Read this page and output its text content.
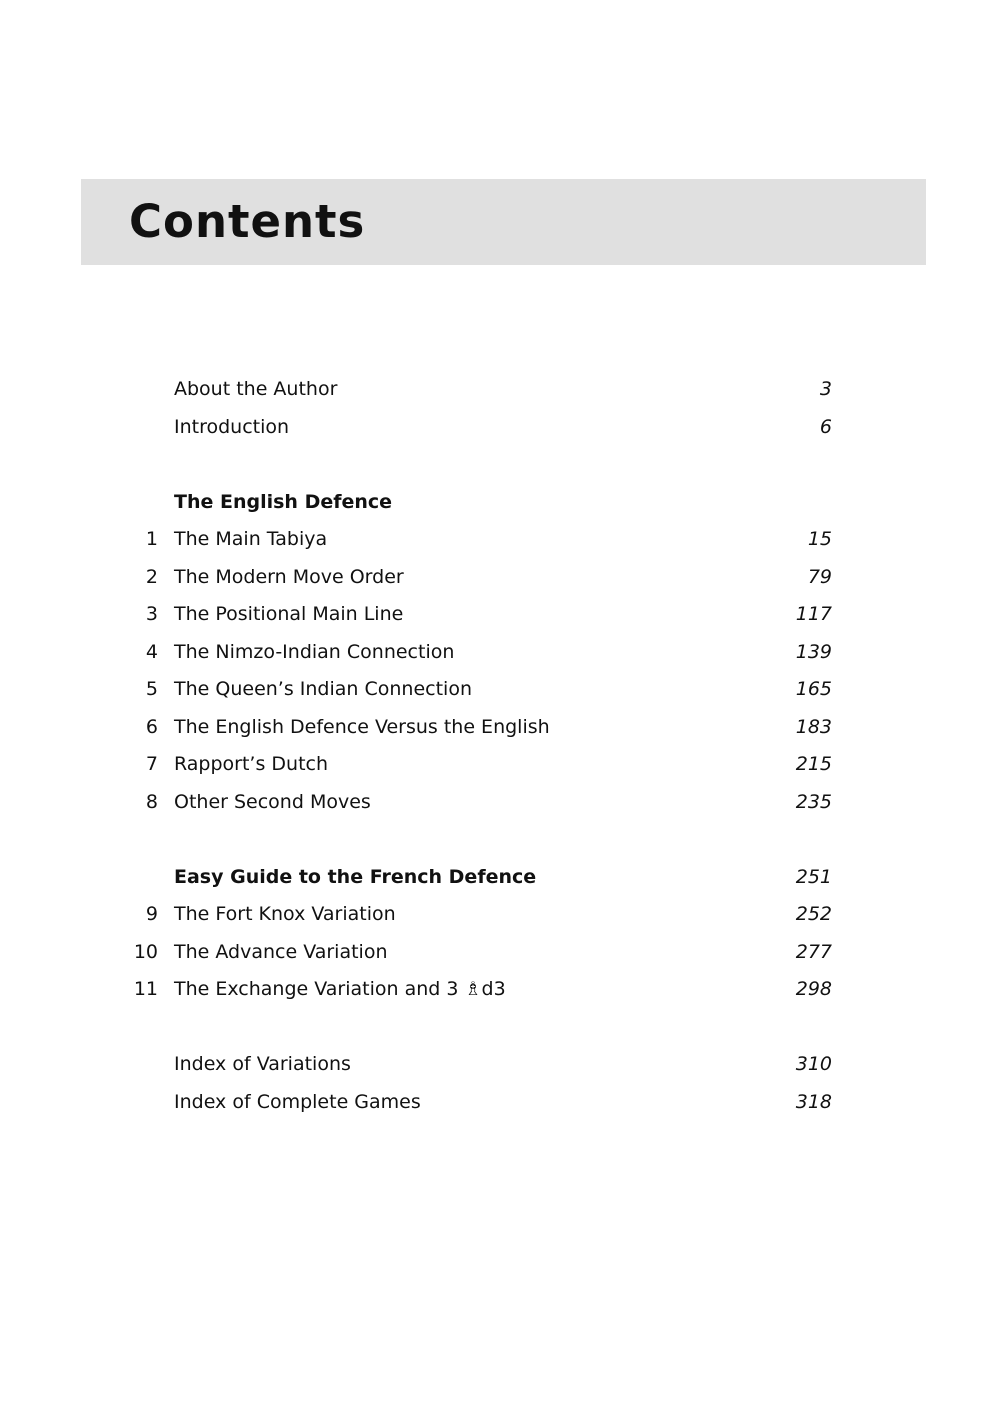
Contents
About the Author	3
Introduction	6
The English Defence
1 The Main Tabiya	15
2 The Modern Move Order	79
3 The Positional Main Line	117
4 The Nimzo-Indian Connection	139
5 The Queen’s Indian Connection	165
6 The English Defence Versus the English	183
7 Rapport’s Dutch	215
8 Other Second Moves	235
Easy Guide to the French Defence	251
9 The Fort Knox Variation	252
10 The Advance Variation	277
11 The Exchange Variation and 3 ♗d3	298
Index of Variations	310
Index of Complete Games	318
